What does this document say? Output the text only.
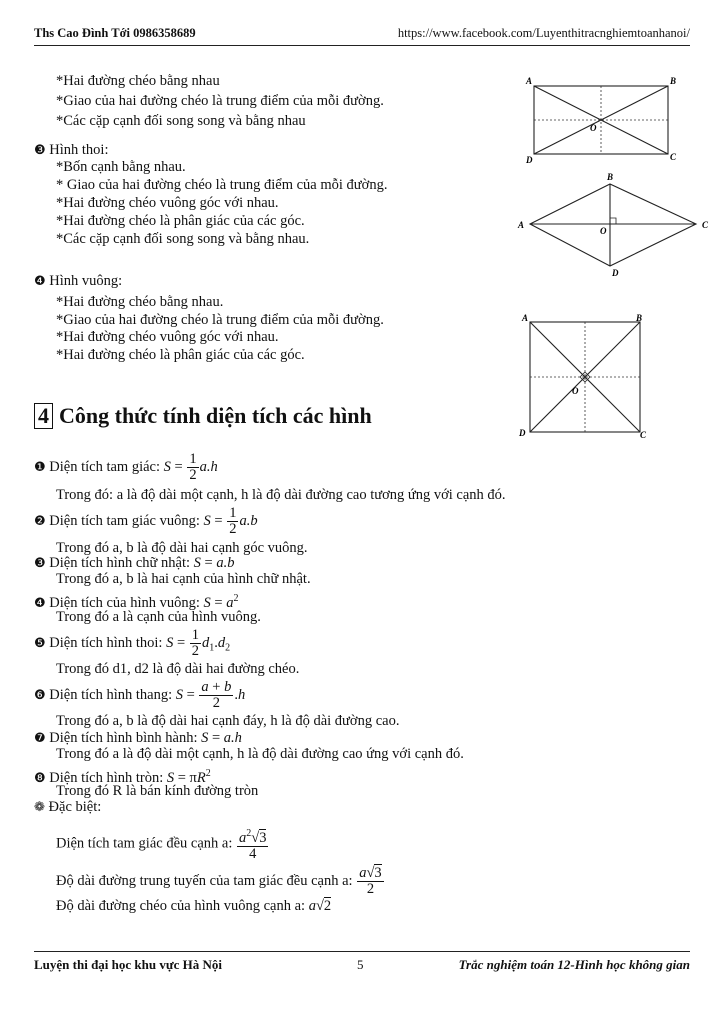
Ths Cao Đình Tới 0986358689	https://www.facebook.com/Luyenthitracnghiemtoanhanoi/
*Hai đường chéo bằng nhau
*Giao của hai đường chéo là trung điểm của mỗi đường.
*Các cặp cạnh đối song song và bằng nhau
❸ Hình thoi:
*Bốn cạnh bằng nhau.
* Giao của hai đường chéo là trung điểm của mỗi đường.
*Hai đường chéo vuông góc với nhau.
*Hai đường chéo là phân giác của các góc.
*Các cặp cạnh đối song song và bằng nhau.
❹ Hình vuông:
*Hai đường chéo bằng nhau.
*Giao của hai đường chéo là trung điểm của mỗi đường.
*Hai đường chéo vuông góc với nhau.
*Hai đường chéo là phân giác của các góc.
A	B
D	C
O
A
B
C
D
O
A	B
D	C
O
4 Công thức tính diện tích các hình
❶ Diện tích tam giác: $S = \frac{1}{2} a.h$
Trong đó: a là độ dài một cạnh, h là độ dài đường cao tương ứng với cạnh đó.
❷ Diện tích tam giác vuông: $S = \frac{1}{2} a.b$
Trong đó a, b là độ dài hai cạnh góc vuông.
❸ Diện tích hình chữ nhật: S = a.b
Trong đó a, b là hai cạnh của hình chữ nhật.
❹ Diện tích của hình vuông: $S = a^2$
Trong đó a là cạnh của hình vuông.
❺ Diện tích hình thoi: $S = \frac{1}{2} d_1.d_2$
Trong đó d1, d2 là độ dài hai đường chéo.
❻ Diện tích hình thang: $S = \frac{a + b}{2} .h$
Trong đó a, b là độ dài hai cạnh đáy, h là độ dài đường cao.
❼ Diện tích hình bình hành: S = a.h
Trong đó a là độ dài một cạnh, h là độ dài đường cao ứng với cạnh đó.
❽ Diện tích hình tròn: $S = \pi R^2$
Trong đó R là bán kính đường tròn
❁ Đặc biệt:
Diện tích tam giác đều cạnh a: $\frac{a^2√3}{4}$
Độ dài đường trung tuyến của tam giác đều cạnh a: $\frac{a√3}{2}$
Độ dài đường chéo của hình vuông cạnh a: a√2
Luyện thi đại học khu vực Hà Nội	5	Trắc nghiệm toán 12-Hình học không gian
